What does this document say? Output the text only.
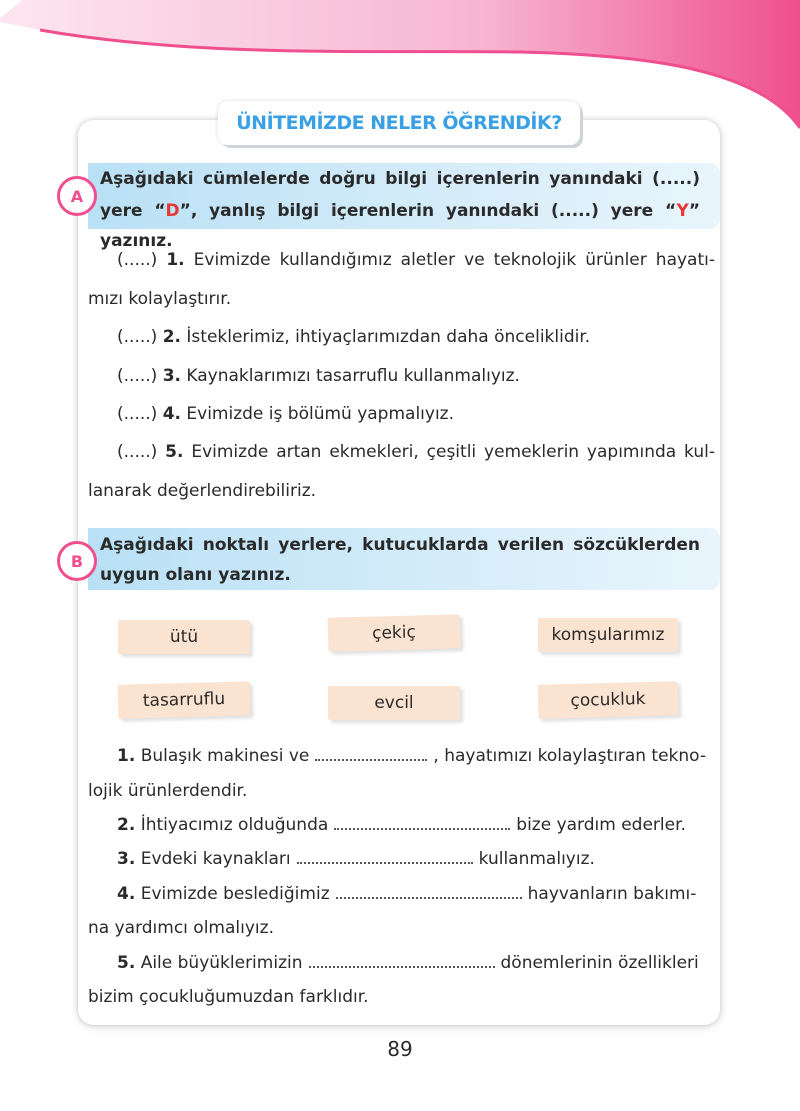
ÜNİTEMİZDE NELER ÖĞRENDİK?
A
Aşağıdaki cümlelerde doğru bilgi içerenlerin yanındaki (.....)
yere “D”, yanlış bilgi içerenlerin yanındaki (.....) yere “Y” yazınız.
(.....) 1. Evimizde kullandığımız aletler ve teknolojik ürünler hayatı-
mızı kolaylaştırır.
(.....) 2. İsteklerimiz, ihtiyaçlarımızdan daha önceliklidir.
(.....) 3. Kaynaklarımızı tasarruflu kullanmalıyız.
(.....) 4. Evimizde iş bölümü yapmalıyız.
(.....) 5. Evimizde artan ekmekleri, çeşitli yemeklerin yapımında kul-
lanarak değerlendirebiliriz.
B
Aşağıdaki noktalı yerlere, kutucuklarda verilen sözcüklerden
uygun olanı yazınız.
ütü	çekiç	komşularımız
tasarruflu	evcil	çocukluk
1. Bulaşık makinesi ve	, hayatımızı kolaylaştıran tekno-
lojik ürünlerdendir.
2. İhtiyacımız olduğunda	bize yardım ederler.
3. Evdeki kaynakları	kullanmalıyız.
4. Evimizde beslediğimiz	hayvanların bakımı-
na yardımcı olmalıyız.
5. Aile büyüklerimizin	dönemlerinin özellikleri
bizim çocukluğumuzdan farklıdır.
89
